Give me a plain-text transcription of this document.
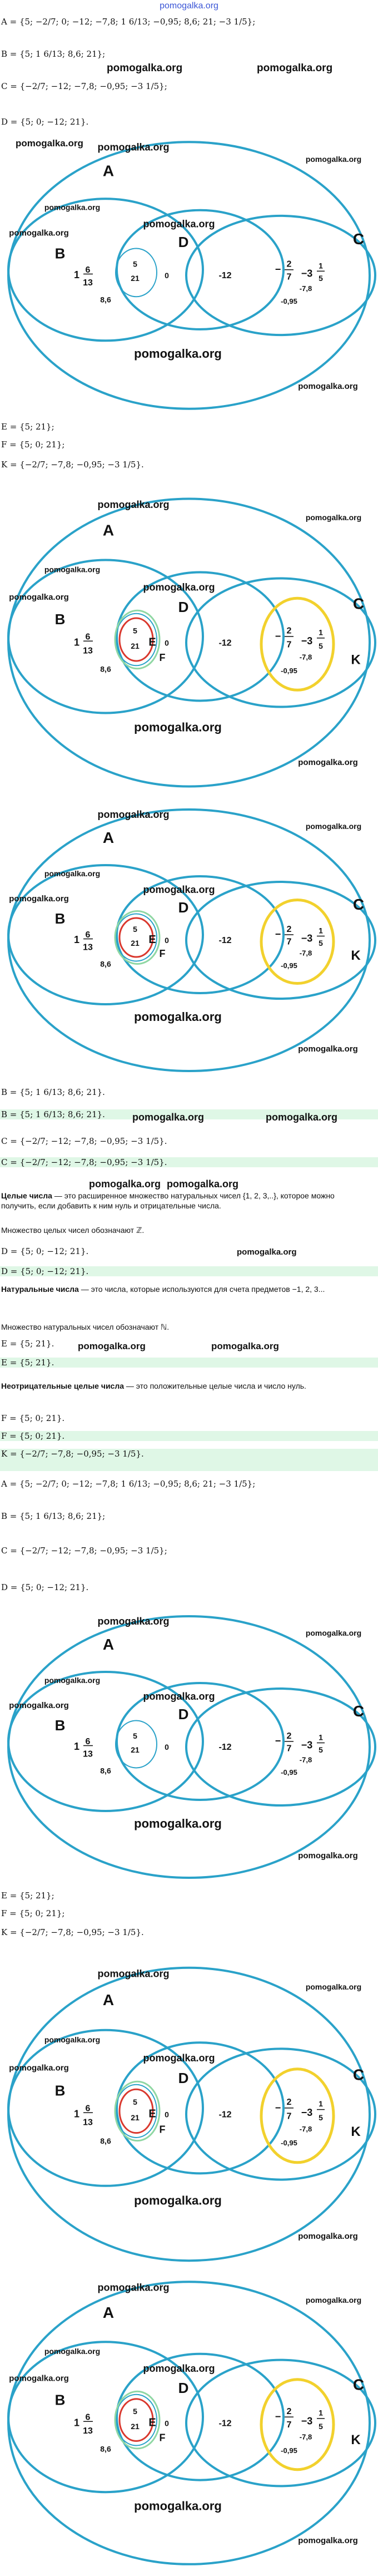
pomogalka.org
A = {5; −2/7; 0; −12; −7,8; 1 6/13; −0,95; 8,6; 21; −3 1/5};
B = {5; 1 6/13; 8,6; 21};
C = {−2/7; −12; −7,8; −0,95; −3 1/5};
D = {5; 0; −12; 21}.
pomogalka.org	pomogalka.org
pomogalka.org
A
B
D	C
1 6
13
8,6
5
21	0	-12
− 2
7 −3
1
5
-7,8
-0,95
pomogalka.org
pomogalka.org
pomogalka.org
pomogalka.org
pomogalka.org
pomogalka.org
pomogalka.org
E = {5; 21};
F = {5; 0; 21};
K = {−2/7; −7,8; −0,95; −3 1/5}.
A
B
D	C
E
F	K
1 6
13
8,6
5
21	0	-12
− 2
7 −3
1
5
-7,8
-0,95
pomogalka.org
pomogalka.org
pomogalka.org
pomogalka.org
pomogalka.org
pomogalka.org
pomogalka.org
A
B
D	C
E
F	K
1 6
13
8,6
5
21	0	-12
− 2
7 −3
1
5
-7,8
-0,95
pomogalka.org
pomogalka.org
pomogalka.org
pomogalka.org
pomogalka.org
pomogalka.org
pomogalka.org
B = {5; 1 6/13; 8,6; 21}.
B = {5; 1 6/13; 8,6; 21}.	pomogalka.org	pomogalka.org
C = {−2/7; −12; −7,8; −0,95; −3 1/5}.
C = {−2/7; −12; −7,8; −0,95; −3 1/5}.
pomogalka.org pomogalka.org
Целые числа — это расширенное множество натуральных чисел {1, 2, 3,..}, которое можно получить, если добавить к ним нуль и отрицательные числа.
Множество целых чисел обозначают ℤ.
D = {5; 0; −12; 21}.	pomogalka.org
D = {5; 0; −12; 21}.
Натуральные числа — это числа, которые используются для счета предметов −1, 2, 3...
Множество натуральных чисел обозначают ℕ.
E = {5; 21}.	pomogalka.org	pomogalka.org
E = {5; 21}.
Неотрицательные целые числа — это положительные целые числа и число нуль.
F = {5; 0; 21}.
F = {5; 0; 21}.
K = {−2/7; −7,8; −0,95; −3 1/5}.
A = {5; −2/7; 0; −12; −7,8; 1 6/13; −0,95; 8,6; 21; −3 1/5};
B = {5; 1 6/13; 8,6; 21};
C = {−2/7; −12; −7,8; −0,95; −3 1/5};
D = {5; 0; −12; 21}.
A
B
D	C
1 6
13
8,6
5
21	0	-12
− 2
7 −3
1
5
-7,8
-0,95
pomogalka.org
pomogalka.org
pomogalka.org
pomogalka.org
pomogalka.org
pomogalka.org
pomogalka.org
E = {5; 21};
F = {5; 0; 21};
K = {−2/7; −7,8; −0,95; −3 1/5}.
A
B
D	C
E
F	K
1 6
13
8,6
5
21	0	-12
− 2
7 −3
1
5
-7,8
-0,95
pomogalka.org
pomogalka.org
pomogalka.org
pomogalka.org
pomogalka.org
pomogalka.org
pomogalka.org
A
B
D	C
E
F	K
1 6
13
8,6
5
21	0	-12
− 2
7 −3
1
5
-7,8
-0,95
pomogalka.org
pomogalka.org
pomogalka.org
pomogalka.org
pomogalka.org
pomogalka.org
pomogalka.org
